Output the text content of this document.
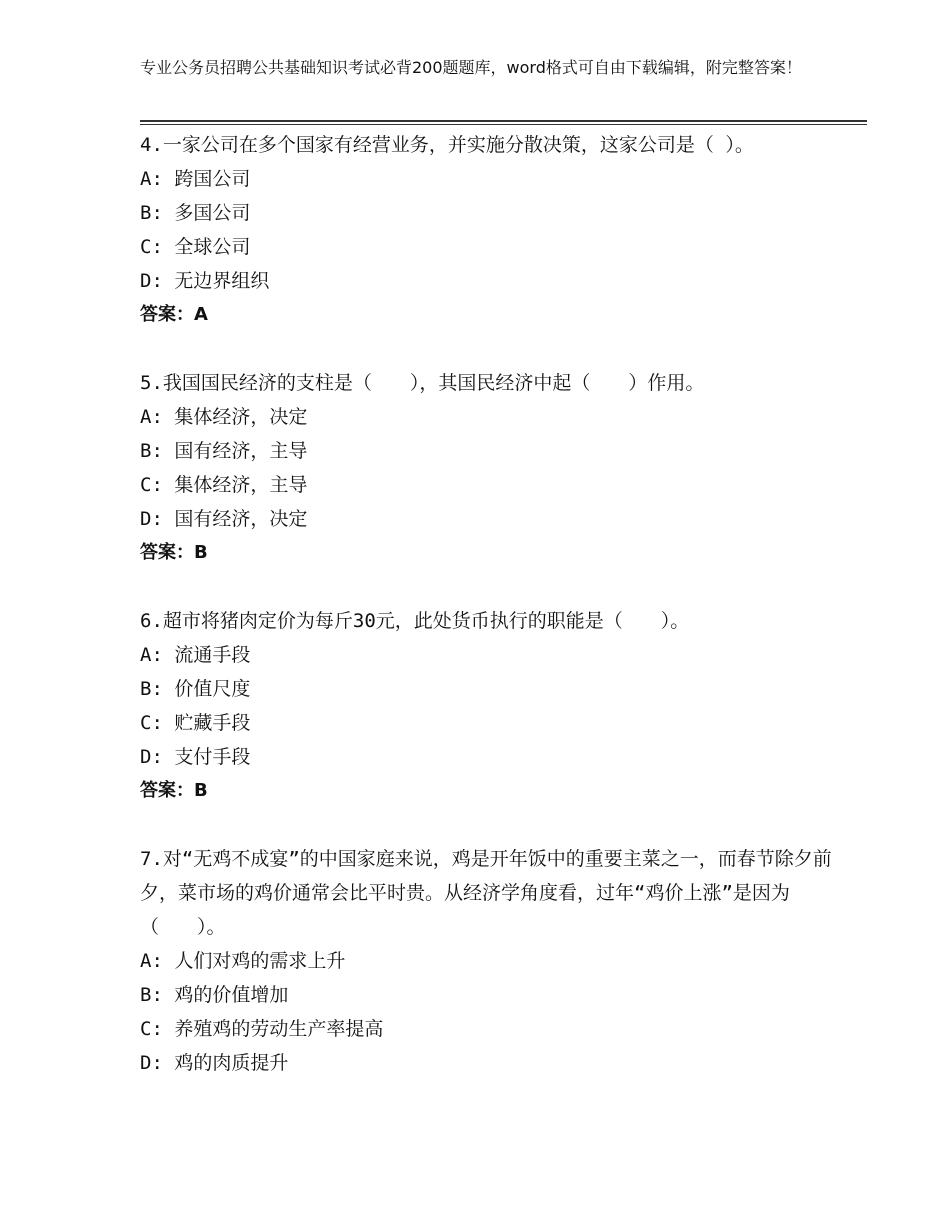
专业公务员招聘公共基础知识考试必背200题题库，word格式可自由下载编辑，附完整答案！

4.一家公司在多个国家有经营业务，并实施分散决策，这家公司是（ ）。

A: 跨国公司

B: 多国公司

C: 全球公司

D: 无边界组织

答案：A

5.我国国民经济的支柱是（　　），其国民经济中起（　　）作用。

A: 集体经济，决定

B: 国有经济，主导

C: 集体经济，主导

D: 国有经济，决定

答案：B

6.超市将猪肉定价为每斤30元，此处货币执行的职能是（　　）。

A: 流通手段

B: 价值尺度

C: 贮藏手段

D: 支付手段

答案：B

7.对“无鸡不成宴”的中国家庭来说，鸡是开年饭中的重要主菜之一，而春节除夕前夕，菜市场的鸡价通常会比平时贵。从经济学角度看，过年“鸡价上涨”是因为（　　）。

A: 人们对鸡的需求上升

B: 鸡的价值增加

C: 养殖鸡的劳动生产率提高

D: 鸡的肉质提升
